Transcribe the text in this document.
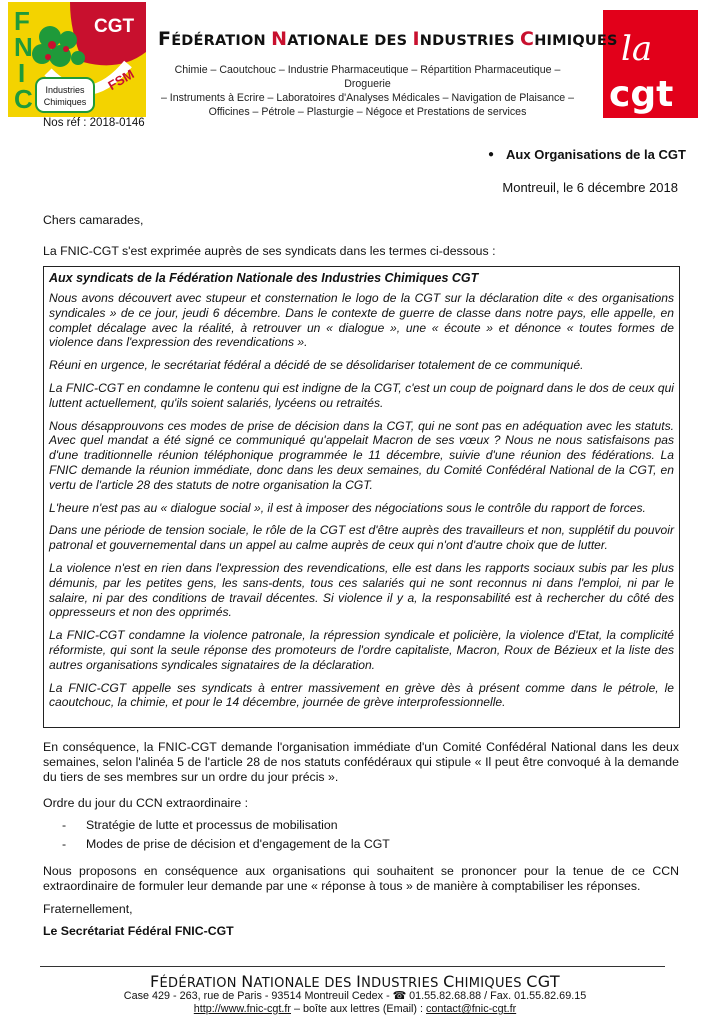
F
N
I
C
CGT
FSM
Industries
Chimiques
la
cgt
FÉDÉRATION NATIONALE DES INDUSTRIES CHIMIQUES
Chimie – Caoutchouc – Industrie Pharmaceutique – Répartition Pharmaceutique – Droguerie
– Instruments à Ecrire – Laboratoires d'Analyses Médicales – Navigation de Plaisance –
Officines – Pétrole – Plasturgie – Négoce et Prestations de services
Nos réf : 2018-0146
● Aux Organisations de la CGT
Montreuil, le 6 décembre 2018
Chers camarades,
La FNIC-CGT s'est exprimée auprès de ses syndicats dans les termes ci-dessous :
Aux syndicats de la Fédération Nationale des Industries Chimiques CGT

Nous avons découvert avec stupeur et consternation le logo de la CGT sur la déclaration dite « des organisations syndicales » de ce jour, jeudi 6 décembre. Dans le contexte de guerre de classe dans notre pays, elle appelle, en complet décalage avec la réalité, à retrouver un « dialogue », une « écoute » et dénonce « toutes formes de violence dans l'expression des revendications ».

Réuni en urgence, le secrétariat fédéral a décidé de se désolidariser totalement de ce communiqué.

La FNIC-CGT en condamne le contenu qui est indigne de la CGT, c'est un coup de poignard dans le dos de ceux qui luttent actuellement, qu'ils soient salariés, lycéens ou retraités.

Nous désapprouvons ces modes de prise de décision dans la CGT, qui ne sont pas en adéquation avec les statuts. Avec quel mandat a été signé ce communiqué qu'appelait Macron de ses vœux ? Nous ne nous satisfaisons pas d'une traditionnelle réunion téléphonique programmée le 11 décembre, suivie d'une réunion des fédérations. La FNIC demande la réunion immédiate, donc dans les deux semaines, du Comité Confédéral National de la CGT, en vertu de l'article 28 des statuts de notre organisation la CGT.

L'heure n'est pas au « dialogue social », il est à imposer des négociations sous le contrôle du rapport de forces.

Dans une période de tension sociale, le rôle de la CGT est d'être auprès des travailleurs et non, supplétif du pouvoir patronal et gouvernemental dans un appel au calme auprès de ceux qui n'ont d'autre choix que de lutter.

La violence n'est en rien dans l'expression des revendications, elle est dans les rapports sociaux subis par les plus démunis, par les petites gens, les sans-dents, tous ces salariés qui ne sont reconnus ni dans l'emploi, ni par le salaire, ni par des conditions de travail décentes. Si violence il y a, la responsabilité est à rechercher du côté des oppresseurs et non des opprimés.

La FNIC-CGT condamne la violence patronale, la répression syndicale et policière, la violence d'Etat, la complicité réformiste, qui sont la seule réponse des promoteurs de l'ordre capitaliste, Macron, Roux de Bézieux et la liste des autres organisations syndicales signataires de la déclaration.

La FNIC-CGT appelle ses syndicats à entrer massivement en grève dès à présent comme dans le pétrole, le caoutchouc, la chimie, et pour le 14 décembre, journée de grève interprofessionnelle.

En conséquence, la FNIC-CGT demande l'organisation immédiate d'un Comité Confédéral National dans les deux semaines, selon l'alinéa 5 de l'article 28 de nos statuts confédéraux qui stipule « Il peut être convoqué à la demande du tiers de ses membres sur un ordre du jour précis ».
Ordre du jour du CCN extraordinaire :
- Stratégie de lutte et processus de mobilisation
- Modes de prise de décision et d'engagement de la CGT
Nous proposons en conséquence aux organisations qui souhaitent se prononcer pour la tenue de ce CCN extraordinaire de formuler leur demande par une « réponse à tous » de manière à comptabiliser les réponses.
Fraternellement,
Le Secrétariat Fédéral FNIC-CGT
FÉDÉRATION NATIONALE DES INDUSTRIES CHIMIQUES CGT
Case 429 - 263, rue de Paris - 93514 Montreuil Cedex - ☎ 01.55.82.68.88 / Fax. 01.55.82.69.15
http://www.fnic-cgt.fr – boîte aux lettres (Email) : contact@fnic-cgt.fr
